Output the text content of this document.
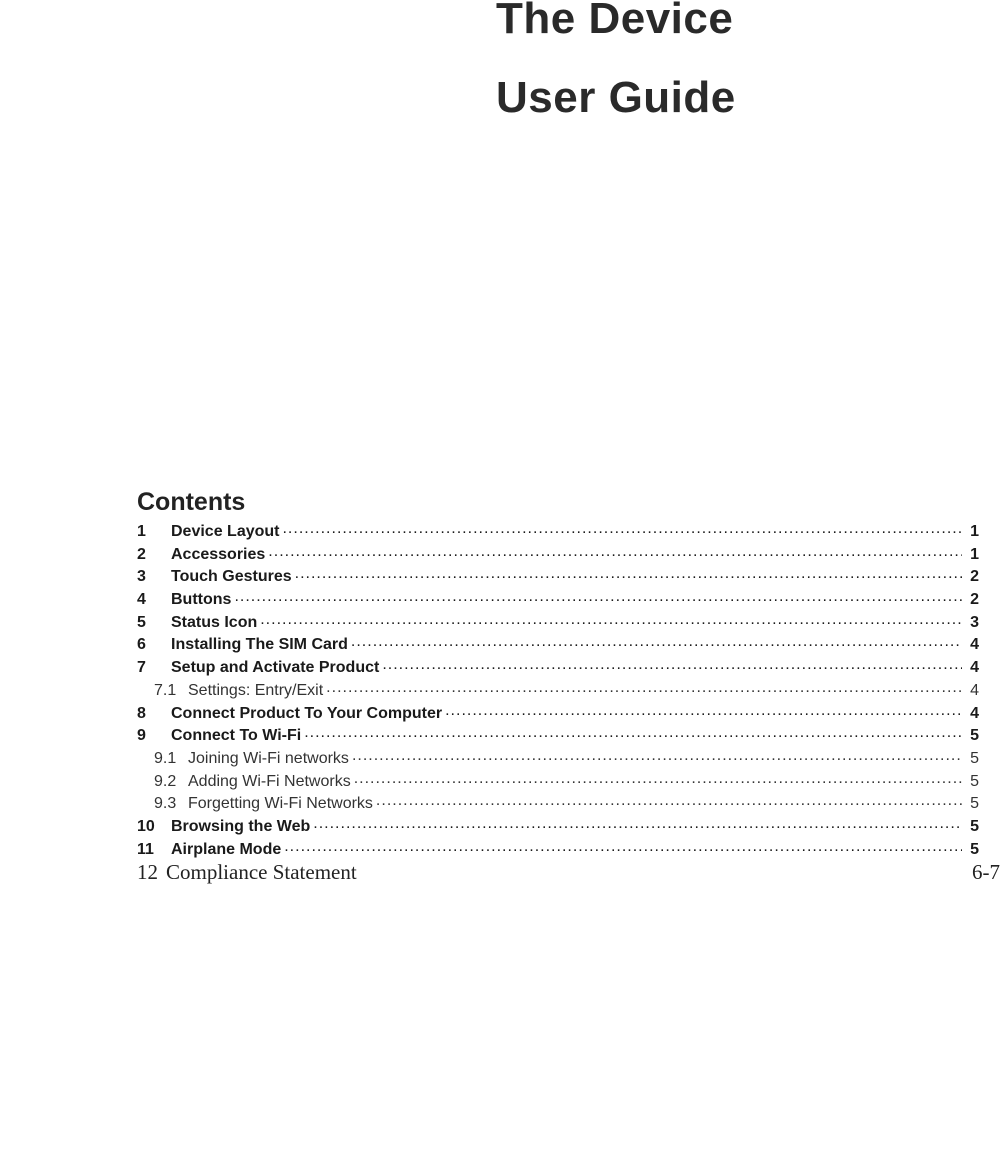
The Device
User Guide
Contents
1	Device Layout .....	1
2	Accessories .....	1
3	Touch Gestures .....	2
4	Buttons .....	2
5	Status Icon .....	3
6	Installing The SIM Card .....	4
7	Setup and Activate Product .....	4
7.1 Settings: Entry/Exit .....	4
8	Connect Product To Your Computer .....	4
9	Connect To Wi-Fi .....	5
9.1 Joining Wi-Fi networks .....	5
9.2 Adding Wi-Fi Networks .....	5
9.3 Forgetting Wi-Fi Networks .....	5
10	Browsing the Web .....	5
11	Airplane Mode .....	5
12 Compliance Statement	6-7
